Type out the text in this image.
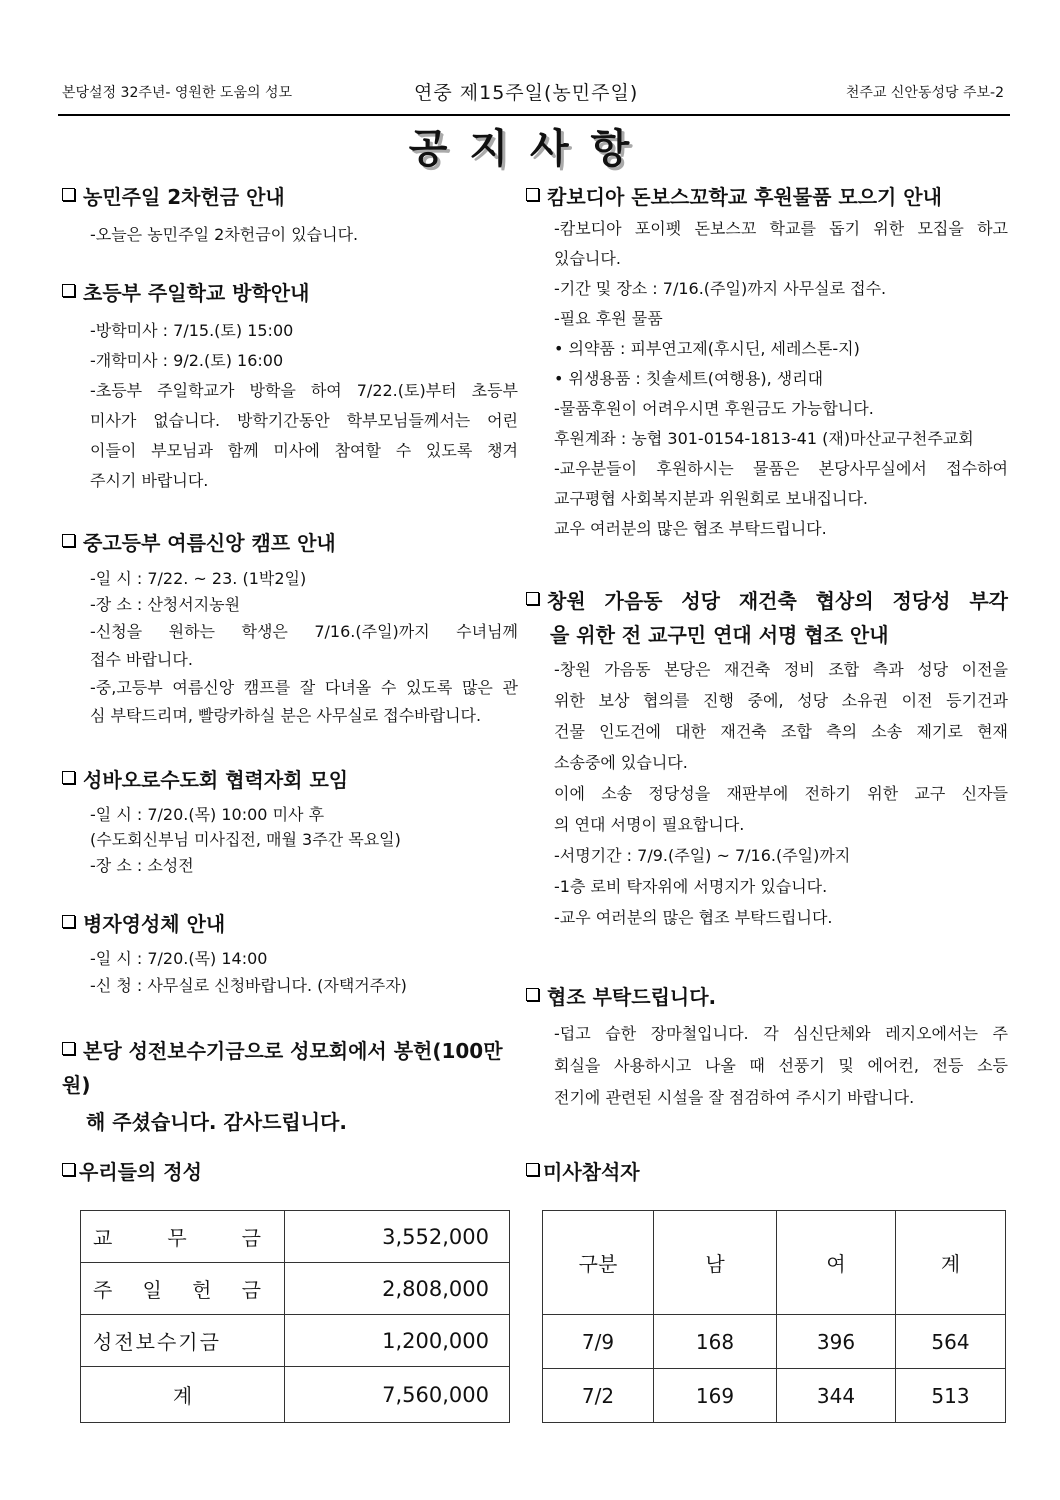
본당설정 32주년- 영원한 도움의 성모	연중 제15주일(농민주일)	천주교 신안동성당 주보-2
공지사항
농민주일 2차헌금 안내
-오늘은 농민주일 2차헌금이 있습니다.
초등부 주일학교 방학안내
-방학미사 : 7/15.(토) 15:00
-개학미사 : 9/2.(토) 16:00
-초등부 주일학교가 방학을 하여 7/22.(토)부터 초등부
미사가 없습니다. 방학기간동안 학부모님들께서는 어린
이들이 부모님과 함께 미사에 참여할 수 있도록 챙겨
주시기 바랍니다.
중고등부 여름신앙 캠프 안내
-일 시 : 7/22. ~ 23. (1박2일)
-장 소 : 산청서지농원
-신청을 원하는 학생은 7/16.(주일)까지 수녀님께
접수 바랍니다.
-중,고등부 여름신앙 캠프를 잘 다녀올 수 있도록 많은 관
심 부탁드리며, 빨랑카하실 분은 사무실로 접수바랍니다.
성바오로수도회 협력자회 모임
-일 시 : 7/20.(목) 10:00 미사 후
(수도회신부님 미사집전, 매월 3주간 목요일)
-장 소 : 소성전
병자영성체 안내
-일 시 : 7/20.(목) 14:00
-신 청 : 사무실로 신청바랍니다. (자택거주자)
본당 성전보수기금으로 성모회에서 봉헌(100만원)
해 주셨습니다. 감사드립니다.
캄보디아 돈보스꼬학교 후원물품 모으기 안내
-캄보디아 포이펫 돈보스꼬 학교를 돕기 위한 모집을 하고
있습니다.
-기간 및 장소 : 7/16.(주일)까지 사무실로 접수.
-필요 후원 물품
• 의약품 : 피부연고제(후시딘, 세레스톤-지)
• 위생용품 : 칫솔세트(여행용), 생리대
-물품후원이 어려우시면 후원금도 가능합니다.
후원계좌 : 농협 301-0154-1813-41 (재)마산교구천주교회
-교우분들이 후원하시는 물품은 본당사무실에서 접수하여
교구평협 사회복지분과 위원회로 보내집니다.
교우 여러분의 많은 협조 부탁드립니다.
창원 가음동 성당 재건축 협상의 정당성 부각
을 위한 전 교구민 연대 서명 협조 안내
-창원 가음동 본당은 재건축 정비 조합 측과 성당 이전을
위한 보상 협의를 진행 중에, 성당 소유권 이전 등기건과
건물 인도건에 대한 재건축 조합 측의 소송 제기로 현재
소송중에 있습니다.
이에 소송 정당성을 재판부에 전하기 위한 교구 신자들
의 연대 서명이 필요합니다.
-서명기간 : 7/9.(주일) ~ 7/16.(주일)까지
-1층 로비 탁자위에 서명지가 있습니다.
-교우 여러분의 많은 협조 부탁드립니다.
협조 부탁드립니다.
-덥고 습한 장마철입니다. 각 심신단체와 레지오에서는 주
회실을 사용하시고 나올 때 선풍기 및 에어컨, 전등 소등
전기에 관련된 시설을 잘 점검하여 주시기 바랍니다.
우리들의 정성
교 무 금	3,552,000

주 일 헌 금	2,808,000

성전보수기금	1,200,000
계	7,560,000
미사참석자
구분	남	여	계
7/9	168	396	564
7/2	169	344	513
